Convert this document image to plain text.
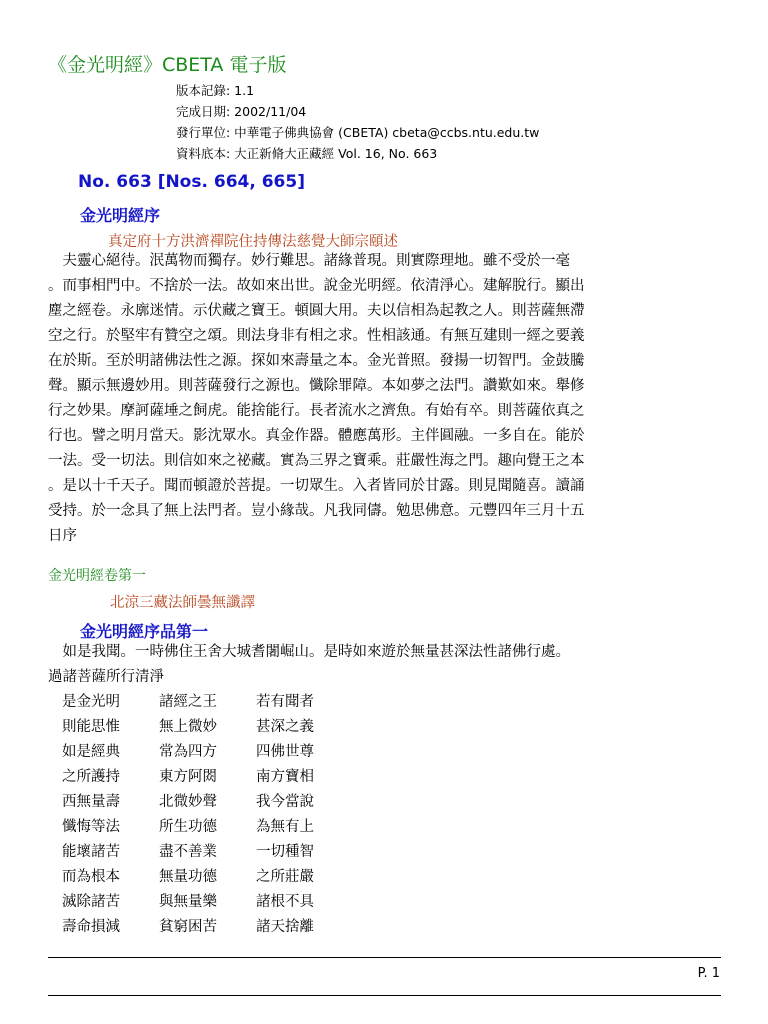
《金光明經》CBETA 電子版
版本記錄: 1.1
完成日期: 2002/11/04
發行單位: 中華電子佛典協會 (CBETA) cbeta@ccbs.ntu.edu.tw
資料底本: 大正新脩大正藏經 Vol. 16, No. 663
No. 663 [Nos. 664, 665]
金光明經序
真定府十方洪濟禪院住持傳法慈覺大師宗頤述
　夫靈心絕待。泯萬物而獨存。妙行難思。諸緣普現。則實際理地。雖不受於一毫
。而事相門中。不捨於一法。故如來出世。說金光明經。依清淨心。建解脫行。顯出
塵之經卷。永廓迷情。示伏藏之寶王。頓圓大用。夫以信相為起教之人。則菩薩無滯
空之行。於堅牢有贊空之頌。則法身非有相之求。性相該通。有無互建則一經之要義
在於斯。至於明諸佛法性之源。探如來壽量之本。金光普照。發揚一切智門。金鼓騰
聲。顯示無邊妙用。則菩薩發行之源也。懺除罪障。本如夢之法門。讚歎如來。舉修
行之妙果。摩訶薩埵之飼虎。能捨能行。長者流水之濟魚。有始有卒。則菩薩依真之
行也。譬之明月當天。影沈眾水。真金作器。體應萬形。主伴圓融。一多自在。能於
一法。受一切法。則信如來之祕藏。實為三界之寶乘。莊嚴性海之門。趣向覺王之本
。是以十千天子。聞而頓證於菩提。一切眾生。入者皆同於甘露。則見聞隨喜。讀誦
受持。於一念具了無上法門者。豈小緣哉。凡我同儔。勉思佛意。元豐四年三月十五
日序
金光明經卷第一
北涼三藏法師曇無讖譯
金光明經序品第一
　如是我聞。一時佛住王舍大城耆闍崛山。是時如來遊於無量甚深法性諸佛行處。
過諸菩薩所行清淨
是金光明	諸經之王	若有聞者
則能思惟	無上微妙	甚深之義
如是經典	常為四方	四佛世尊
之所護持	東方阿閦	南方寶相
西無量壽	北微妙聲	我今當說
懺悔等法	所生功德	為無有上
能壞諸苦	盡不善業	一切種智
而為根本	無量功德	之所莊嚴
滅除諸苦	與無量樂	諸根不具
壽命損減	貧窮困苦	諸天捨離
P. 1
